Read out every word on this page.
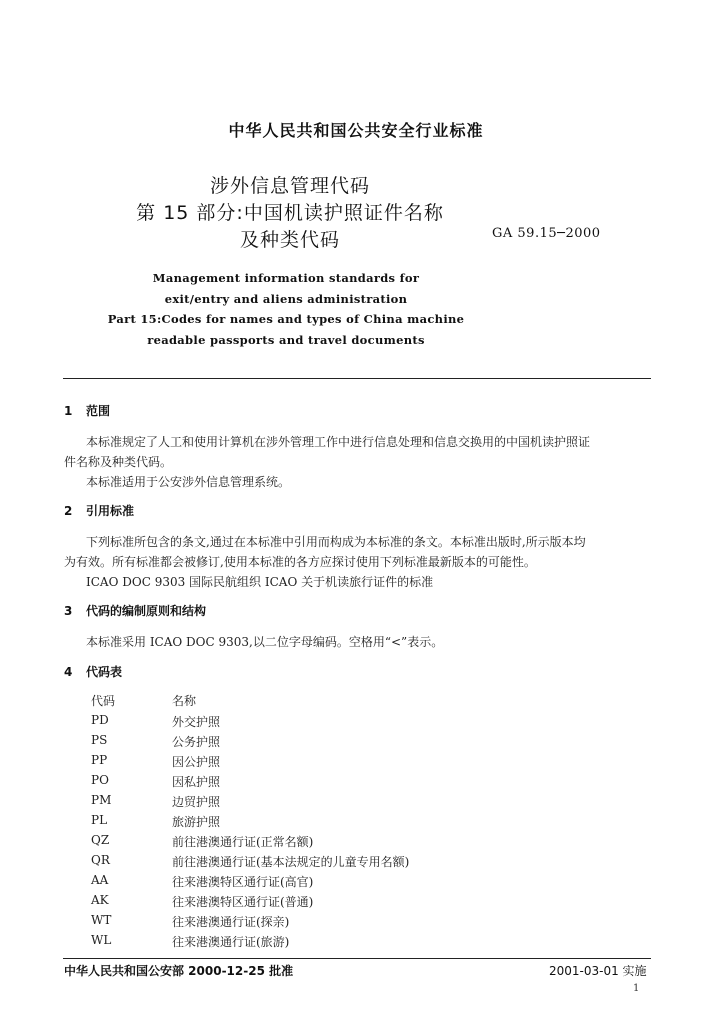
中华人民共和国公共安全行业标准
涉外信息管理代码
第 15 部分:中国机读护照证件名称
及种类代码	GA 59.15─2000
Management information standards for
exit/entry and aliens administration
Part 15:Codes for names and types of China machine
readable passports and travel documents
1 范围
本标准规定了人工和使用计算机在涉外管理工作中进行信息处理和信息交换用的中国机读护照证
件名称及种类代码。
本标准适用于公安涉外信息管理系统。
2 引用标准
下列标准所包含的条文,通过在本标准中引用而构成为本标准的条文。本标准出版时,所示版本均
为有效。所有标准都会被修订,使用本标准的各方应探讨使用下列标准最新版本的可能性。
ICAO DOC 9303 国际民航组织 ICAO 关于机读旅行证件的标准
3 代码的编制原则和结构
本标准采用 ICAO DOC 9303,以二位字母编码。空格用“<”表示。
4 代码表
代码	名称
PD	外交护照
PS	公务护照
PP	因公护照
PO	因私护照
PM	边贸护照
PL	旅游护照
QZ	前往港澳通行证(正常名额)
QR	前往港澳通行证(基本法规定的儿童专用名额)
AA	往来港澳特区通行证(高官)
AK	往来港澳特区通行证(普通)
WT	往来港澳通行证(探亲)
WL	往来港澳通行证(旅游)
中华人民共和国公安部 2000-12-25 批准	2001-03-01 实施
1
